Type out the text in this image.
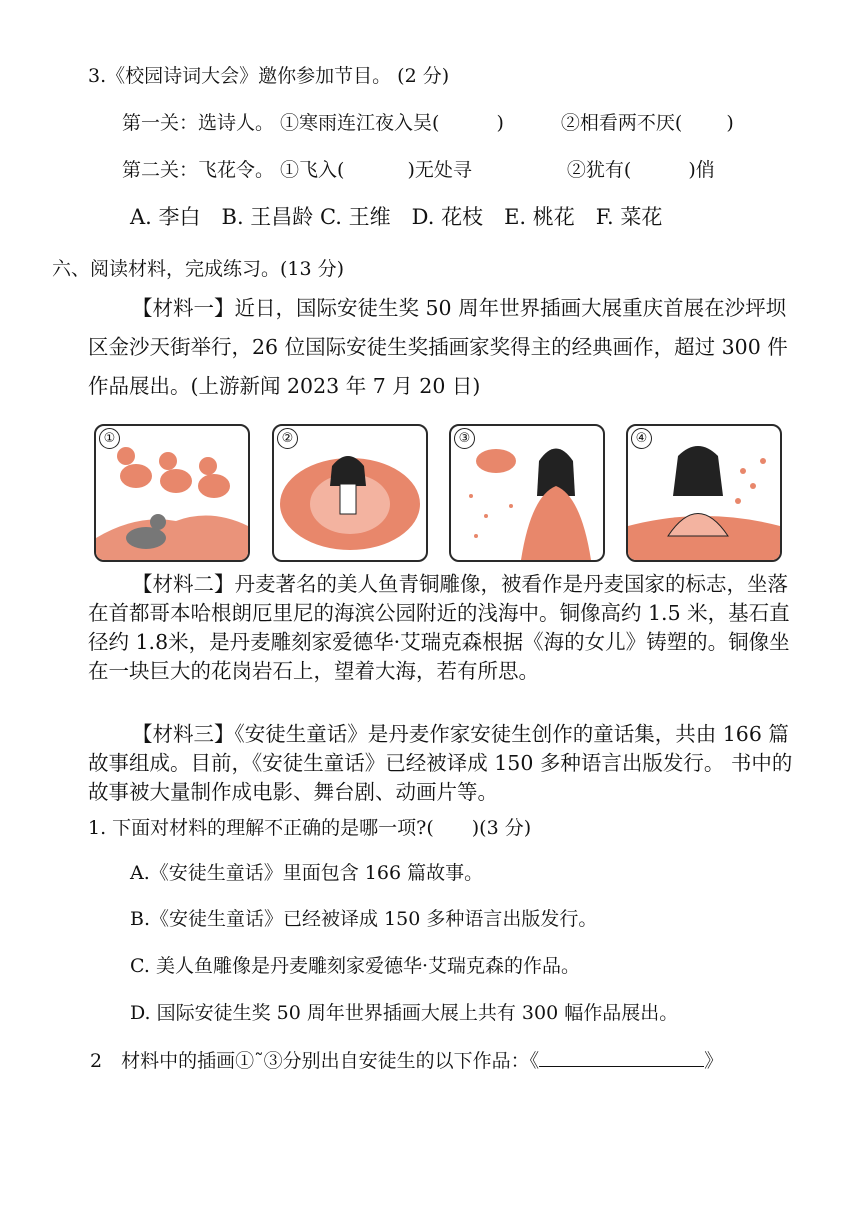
3.《校园诗词大会》邀你参加节目。 (2 分)
第一关：选诗人。 ①寒雨连江夜入吴(　　　)　　　②相看两不厌(　　 )
第二关：飞花令。 ①飞入(　　 　)无处寻　　　　　②犹有(　　　)俏
A. 李白　B. 王昌龄 C. 王维　D. 花枝　E. 桃花　F. 菜花
六、阅读材料，完成练习。(13 分)
【材料一】近日，国际安徒生奖 50 周年世界插画大展重庆首展在沙坪坝区金沙天街举行，26 位国际安徒生奖插画家奖得主的经典画作，超过 300 件作品展出。(上游新闻 2023 年 7 月 20 日)
①	②	③	④
【材料二】丹麦著名的美人鱼青铜雕像，被看作是丹麦国家的标志，坐落在首都哥本哈根朗厄里尼的海滨公园附近的浅海中。铜像高约 1.5 米，基石直径约 1.8米，是丹麦雕刻家爱德华·艾瑞克森根据《海的女儿》铸塑的。铜像坐在一块巨大的花岗岩石上，望着大海，若有所思。
【材料三】《安徒生童话》是丹麦作家安徒生创作的童话集，共由 166 篇故事组成。目前，《安徒生童话》已经被译成 150 多种语言出版发行。 书中的故事被大量制作成电影、舞台剧、动画片等。
1. 下面对材料的理解不正确的是哪一项?(　　)(3 分)
A.《安徒生童话》里面包含 166 篇故事。
B.《安徒生童话》已经被译成 150 多种语言出版发行。
C. 美人鱼雕像是丹麦雕刻家爱德华·艾瑞克森的作品。
D. 国际安徒生奖 50 周年世界插画大展上共有 300 幅作品展出。
2　材料中的插画①˜③分别出自安徒生的以下作品：《	》
